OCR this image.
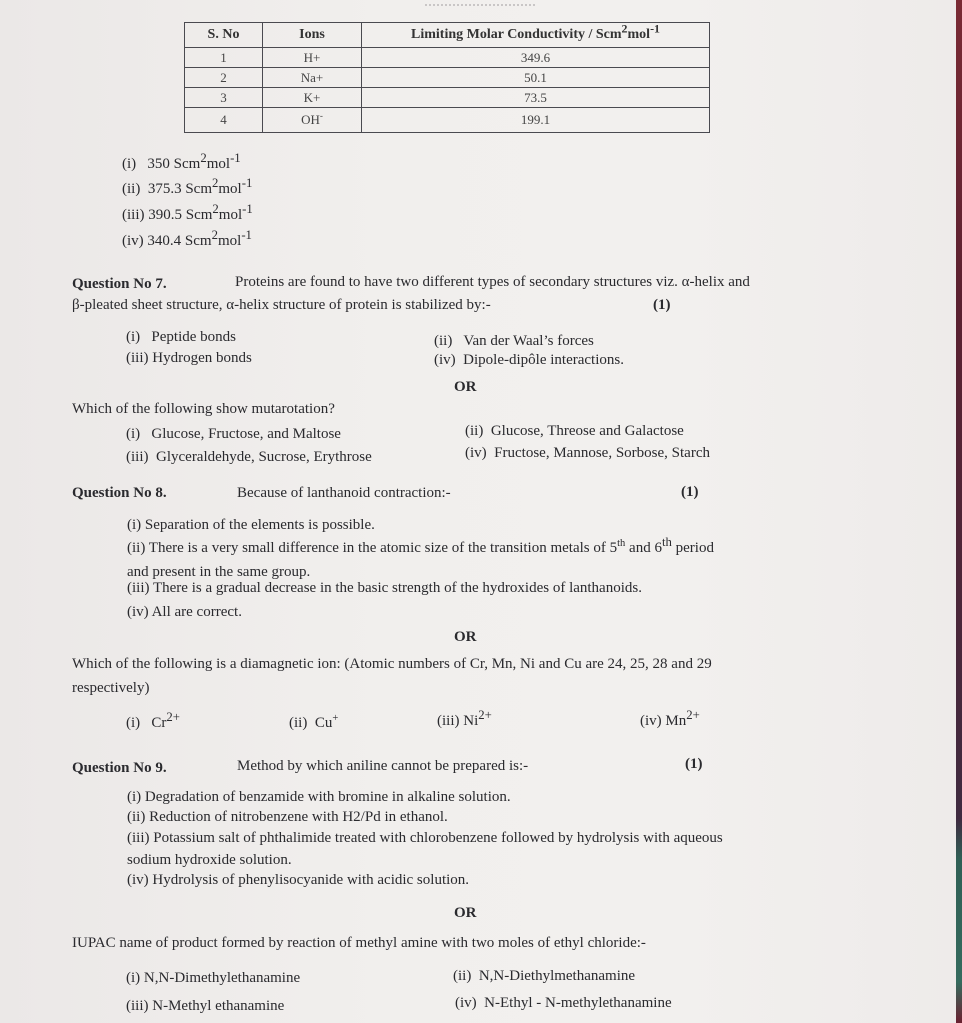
S. No	Ions	Limiting Molar Conductivity / Scm$^2$mol$^{-1}$
1	H+	349.6
2	Na+	50.1
3	K+	73.5
4	OH-	199.1
(i) 350 Scm$^2$mol$^{-1}$
(ii) 375.3 Scm$^2$mol$^{-1}$
(iii) 390.5 Scm$^2$mol$^{-1}$
(iv) 340.4 Scm$^2$mol$^{-1}$
Question No 7.	Proteins are found to have two different types of secondary structures viz. α-helix and
β-pleated sheet structure, α-helix structure of protein is stabilized by:-	(1)
(i) Peptide bonds	(ii) Van der Waal’s forces
(iii) Hydrogen bonds	(iv) Dipole-dipôle interactions.
OR
Which of the following show mutarotation?
(i) Glucose, Fructose, and Maltose	(ii) Glucose, Threose and Galactose
(iii) Glyceraldehyde, Sucrose, Erythrose	(iv) Fructose, Mannose, Sorbose, Starch
Question No 8.	Because of lanthanoid contraction:-	(1)
(i) Separation of the elements is possible.
(ii) There is a very small difference in the atomic size of the transition metals of 5th and 6th period
and present in the same group.
(iii) There is a gradual decrease in the basic strength of the hydroxides of lanthanoids.
(iv) All are correct.
OR
Which of the following is a diamagnetic ion: (Atomic numbers of Cr, Mn, Ni and Cu are 24, 25, 28 and 29
respectively)
(i) $Cr^{2+}$	(ii) Cu+	(iii) $Ni^{2+}$	(iv) $Mn^{2+}$
Question No 9.	Method by which aniline cannot be prepared is:-	(1)
(i) Degradation of benzamide with bromine in alkaline solution.
(ii) Reduction of nitrobenzene with H2/Pd in ethanol.
(iii) Potassium salt of phthalimide treated with chlorobenzene followed by hydrolysis with aqueous
sodium hydroxide solution.
(iv) Hydrolysis of phenylisocyanide with acidic solution.
OR
IUPAC name of product formed by reaction of methyl amine with two moles of ethyl chloride:-
(i) N,N-Dimethylethanamine	(ii) N,N-Diethylmethanamine
(iii) N-Methyl ethanamine	(iv) N-Ethyl - N-methylethanamine
